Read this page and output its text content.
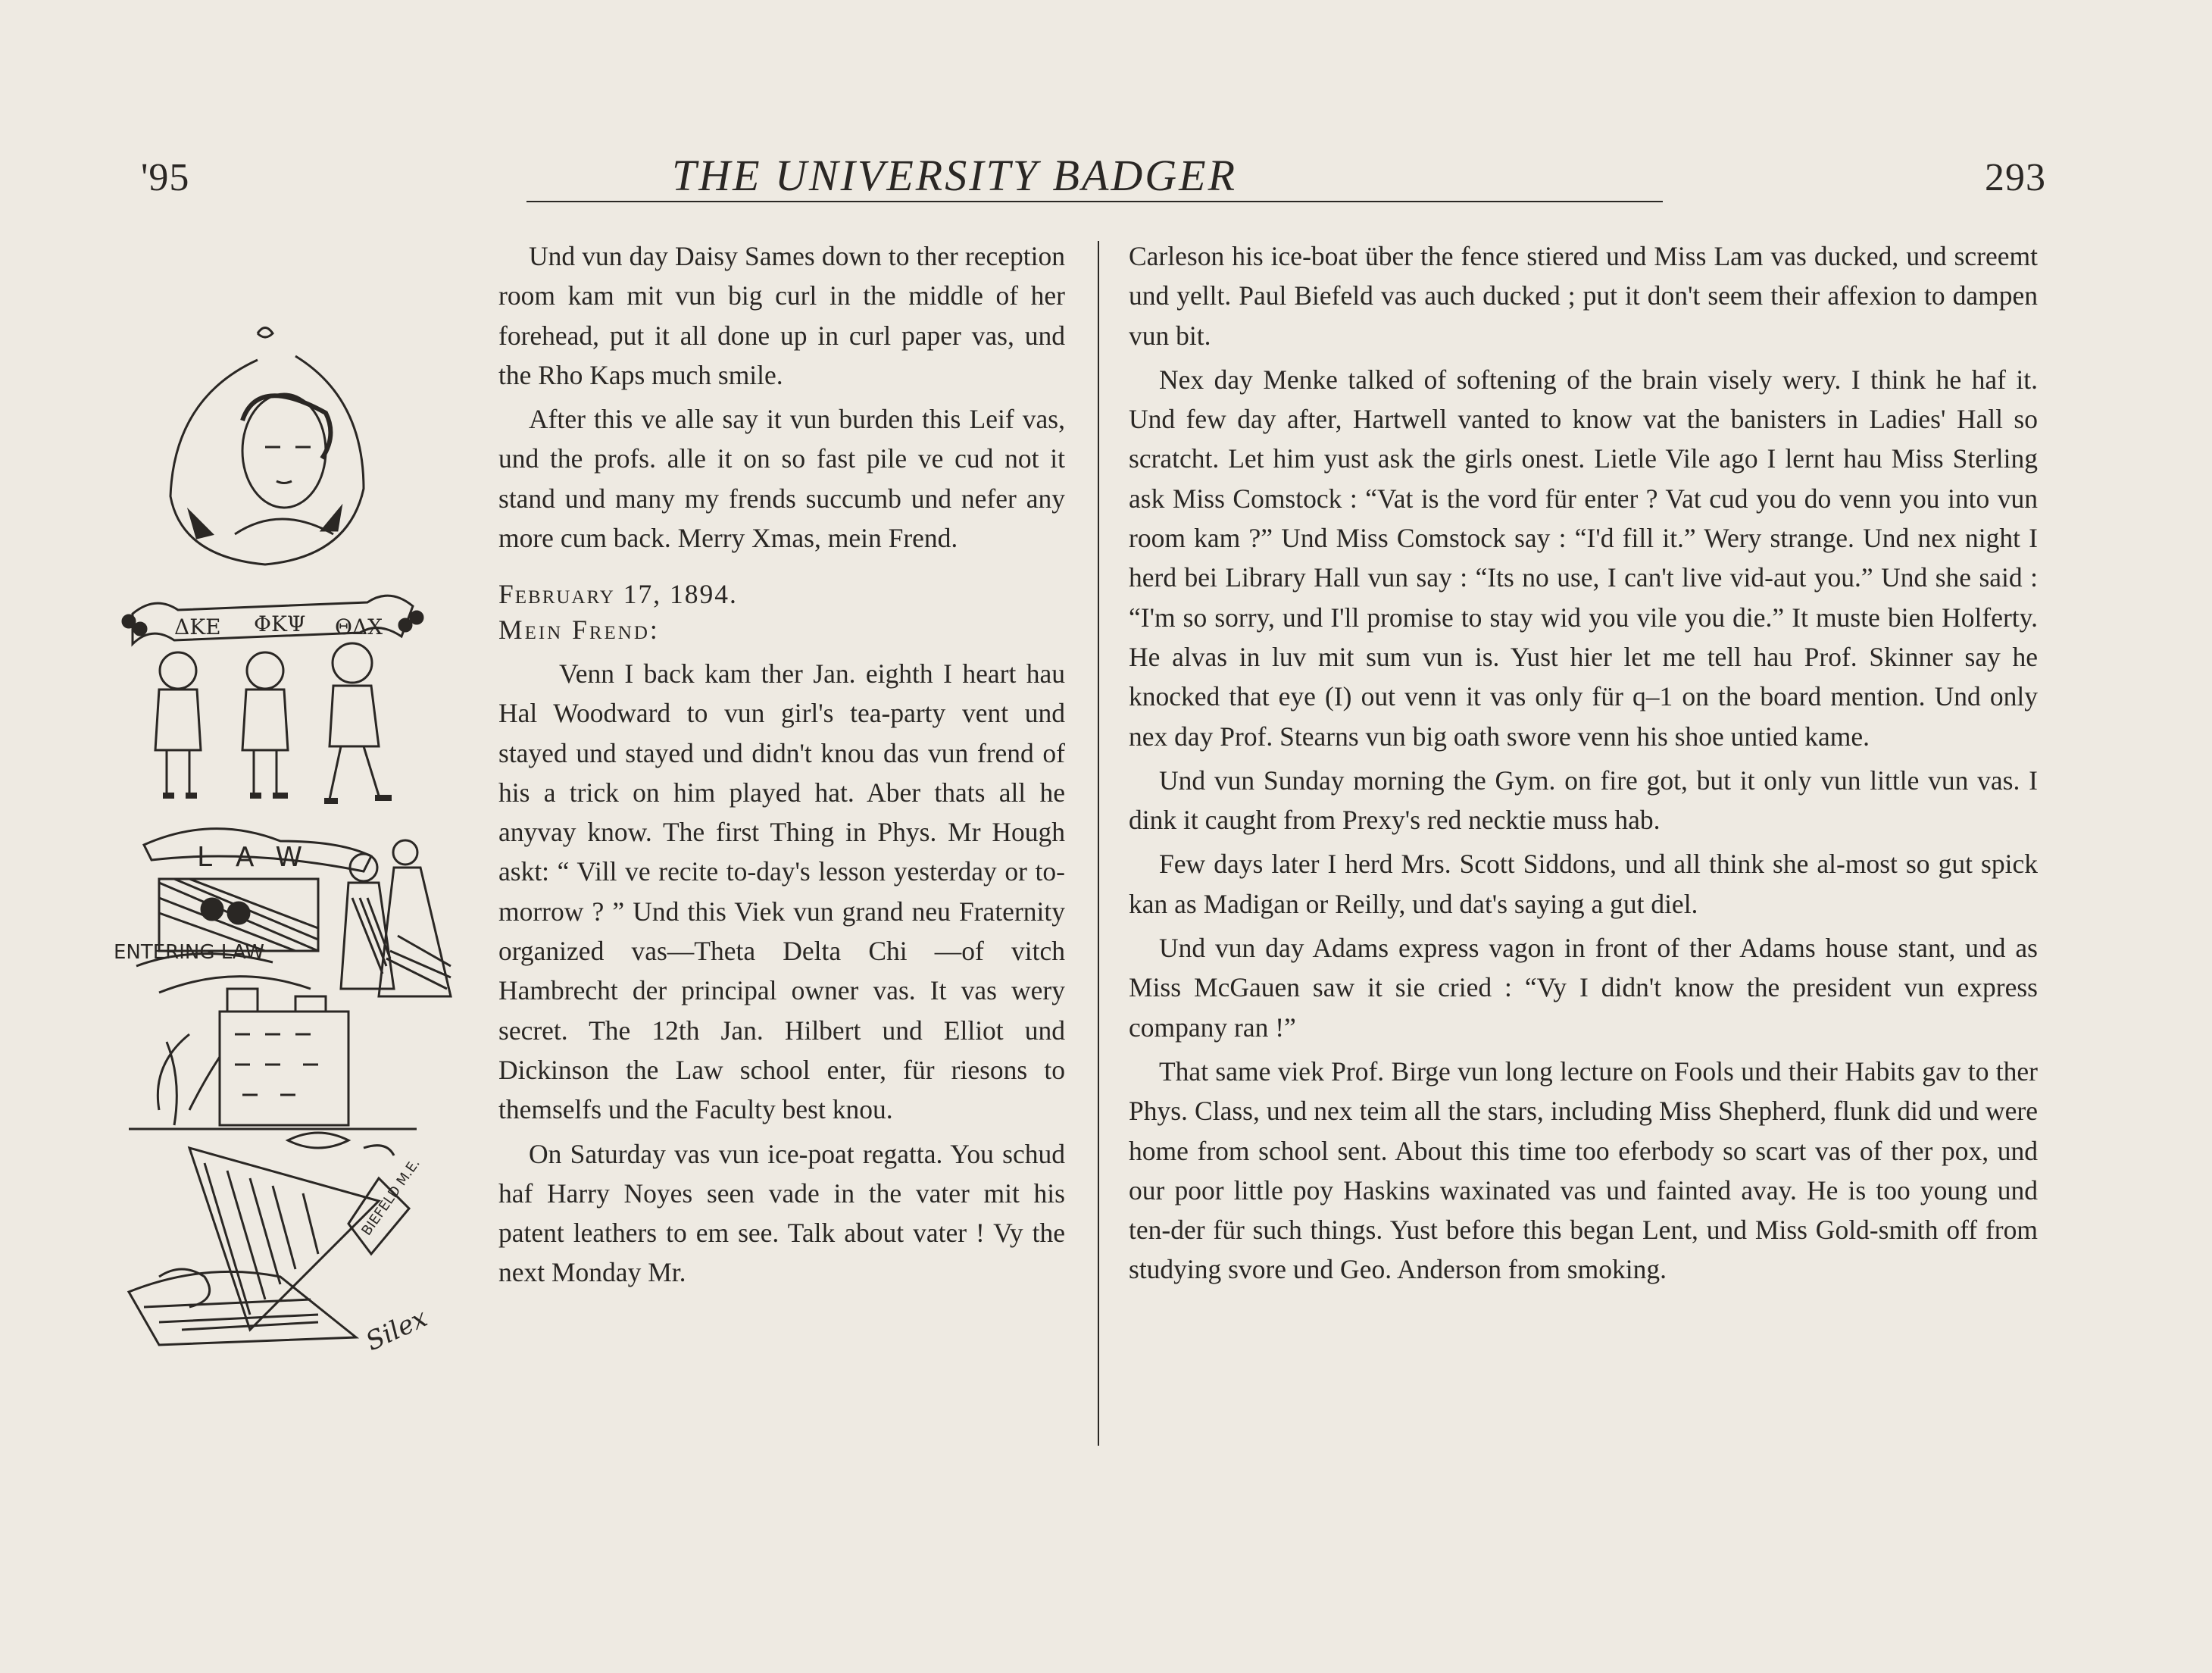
'95	THE UNIVERSITY BADGER	293
ΔKE ΦKΨ ΘΔX
LAW
ENTERING LAW
BIEFELD M.E.
Silex

Und vun day Daisy Sames down to ther reception room kam mit vun big curl in the middle of her forehead, put it all done up in curl paper vas, und the Rho Kaps much smile.

After this ve alle say it vun burden this Leif vas, und the profs. alle it on so fast pile ve cud not it stand und many my frends succumb und nefer any more cum back. Merry Xmas, mein Frend.

February 17, 1894.

Mein Frend:

Venn I back kam ther Jan. eighth I heart hau Hal Woodward to vun girl's tea-party vent und stayed und stayed und didn't knou das vun frend of his a trick on him played hat. Aber thats all he anyvay know. The first Thing in Phys. Mr Hough askt: “ Vill ve recite to-day's lesson yesterday or to-morrow ? ” Und this Viek vun grand neu Fraternity organized vas—Theta Delta Chi —of vitch Hambrecht der principal owner vas. It vas wery secret. The 12th Jan. Hilbert und Elliot und Dickinson the Law school enter, für riesons to themselfs und the Faculty best knou.

On Saturday vas vun ice-poat regatta. You schud haf Harry Noyes seen vade in the vater mit his patent leathers to em see. Talk about vater ! Vy the next Monday Mr.

Carleson his ice-boat über the fence stiered und Miss Lam vas ducked, und screemt und yellt. Paul Biefeld vas auch ducked ; put it don't seem their affexion to dampen vun bit.

Nex day Menke talked of softening of the brain visely wery. I think he haf it. Und few day after, Hartwell vanted to know vat the banisters in Ladies' Hall so scratcht. Let him yust ask the girls onest. Lietle Vile ago I lernt hau Miss Sterling ask Miss Comstock : “Vat is the vord für enter ? Vat cud you do venn you into vun room kam ?” Und Miss Comstock say : “I'd fill it.” Wery strange. Und nex night I herd bei Library Hall vun say : “Its no use, I can't live vid-aut you.” Und she said : “I'm so sorry, und I'll promise to stay wid you vile you die.” It muste bien Holferty. He alvas in luv mit sum vun is. Yust hier let me tell hau Prof. Skinner say he knocked that eye (I) out venn it vas only für q–1 on the board mention. Und only nex day Prof. Stearns vun big oath swore venn his shoe untied kame.

Und vun Sunday morning the Gym. on fire got, but it only vun little vun vas. I dink it caught from Prexy's red necktie muss hab.

Few days later I herd Mrs. Scott Siddons, und all think she al-most so gut spick kan as Madigan or Reilly, und dat's saying a gut diel.

Und vun day Adams express vagon in front of ther Adams house stant, und as Miss McGauen saw it sie cried : “Vy I didn't know the president vun express company ran !”

That same viek Prof. Birge vun long lecture on Fools und their Habits gav to ther Phys. Class, und nex teim all the stars, including Miss Shepherd, flunk did und were home from school sent. About this time too eferbody so scart vas of ther pox, und our poor little poy Haskins waxinated vas und fainted avay. He is too young und ten-der für such things. Yust before this began Lent, und Miss Gold-smith off from studying svore und Geo. Anderson from smoking.
